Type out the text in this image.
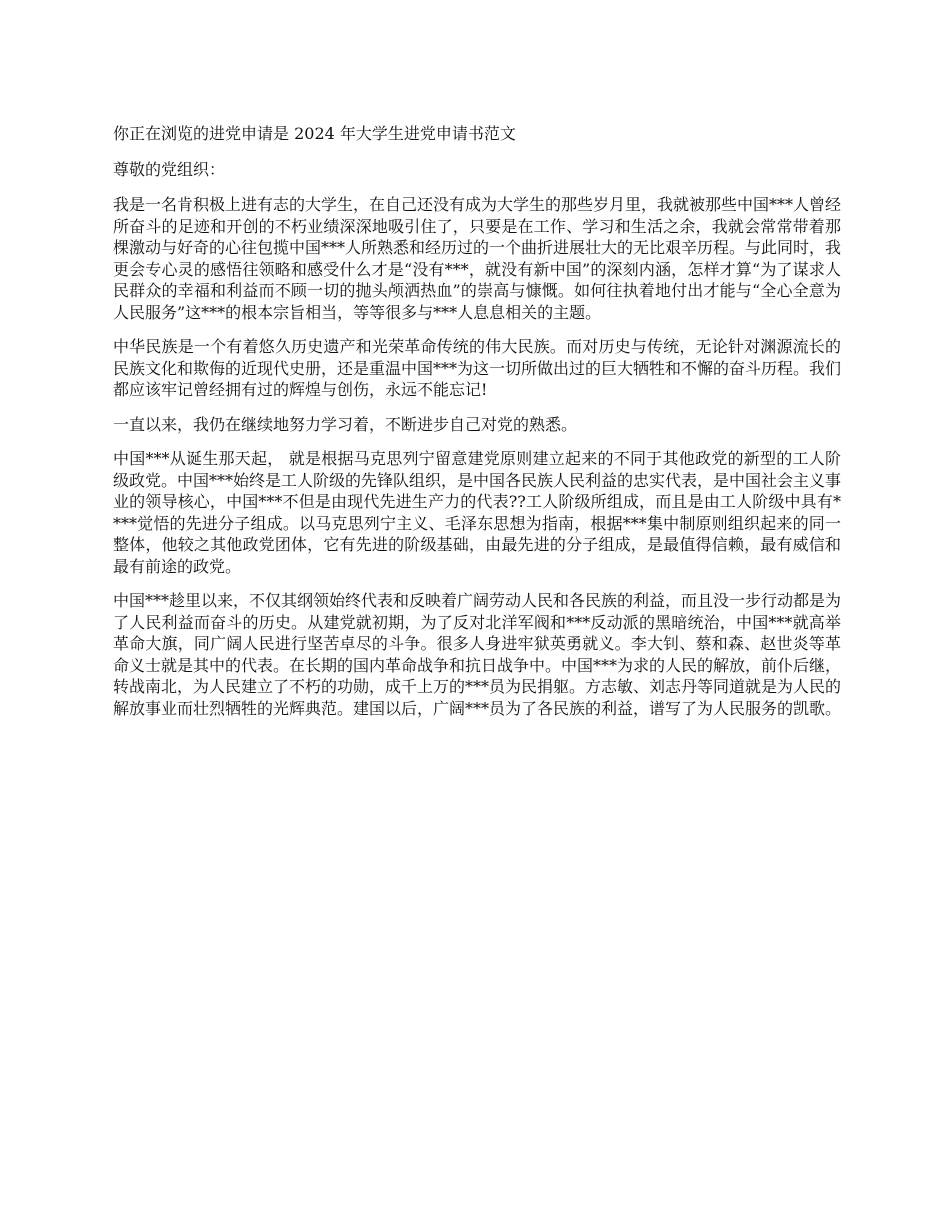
你正在浏览的进党申请是 2024 年大学生进党申请书范文

尊敬的党组织：

我是一名肯积极上进有志的大学生，在自己还没有成为大学生的那些岁月里，我就被那些中国***人曾经所奋斗的足迹和开创的不朽业绩深深地吸引住了，只要是在工作、学习和生活之余，我就会常常带着那棵激动与好奇的心往包揽中国***人所熟悉和经历过的一个曲折进展壮大的无比艰辛历程。与此同时，我更会专心灵的感悟往领略和感受什么才是“没有***，就没有新中国”的深刻内涵，怎样才算“为了谋求人民群众的幸福和利益而不顾一切的抛头颅洒热血”的崇高与慷慨。如何往执着地付出才能与“全心全意为人民服务”这***的根本宗旨相当，等等很多与***人息息相关的主题。

中华民族是一个有着悠久历史遗产和光荣革命传统的伟大民族。而对历史与传统，无论针对渊源流长的民族文化和欺侮的近现代史册，还是重温中国***为这一切所做出过的巨大牺牲和不懈的奋斗历程。我们都应该牢记曾经拥有过的辉煌与创伤，永远不能忘记!

一直以来，我仍在继续地努力学习着，不断进步自己对党的熟悉。

中国***从诞生那天起， 就是根据马克思列宁留意建党原则建立起来的不同于其他政党的新型的工人阶级政党。中国***始终是工人阶级的先锋队组织，是中国各民族人民利益的忠实代表，是中国社会主义事业的领导核心，中国***不但是由现代先进生产力的代表??工人阶级所组成，而且是由工人阶级中具有****觉悟的先进分子组成。以马克思列宁主义、毛泽东思想为指南，根据***集中制原则组织起来的同一整体，他较之其他政党团体，它有先进的阶级基础，由最先进的分子组成，是最值得信赖，最有威信和最有前途的政党。

中国***趁里以来，不仅其纲领始终代表和反映着广阔劳动人民和各民族的利益，而且没一步行动都是为了人民利益而奋斗的历史。从建党就初期，为了反对北洋军阀和***反动派的黑暗统治，中国***就高举革命大旗，同广阔人民进行坚苦卓尽的斗争。很多人身进牢狱英勇就义。李大钊、蔡和森、赵世炎等革命义士就是其中的代表。在长期的国内革命战争和抗日战争中。中国***为求的人民的解放，前仆后继，转战南北，为人民建立了不朽的功勋，成千上万的***员为民捐躯。方志敏、刘志丹等同道就是为人民的解放事业而壮烈牺牲的光辉典范。建国以后，广阔***员为了各民族的利益，谱写了为人民服务的凯歌。
